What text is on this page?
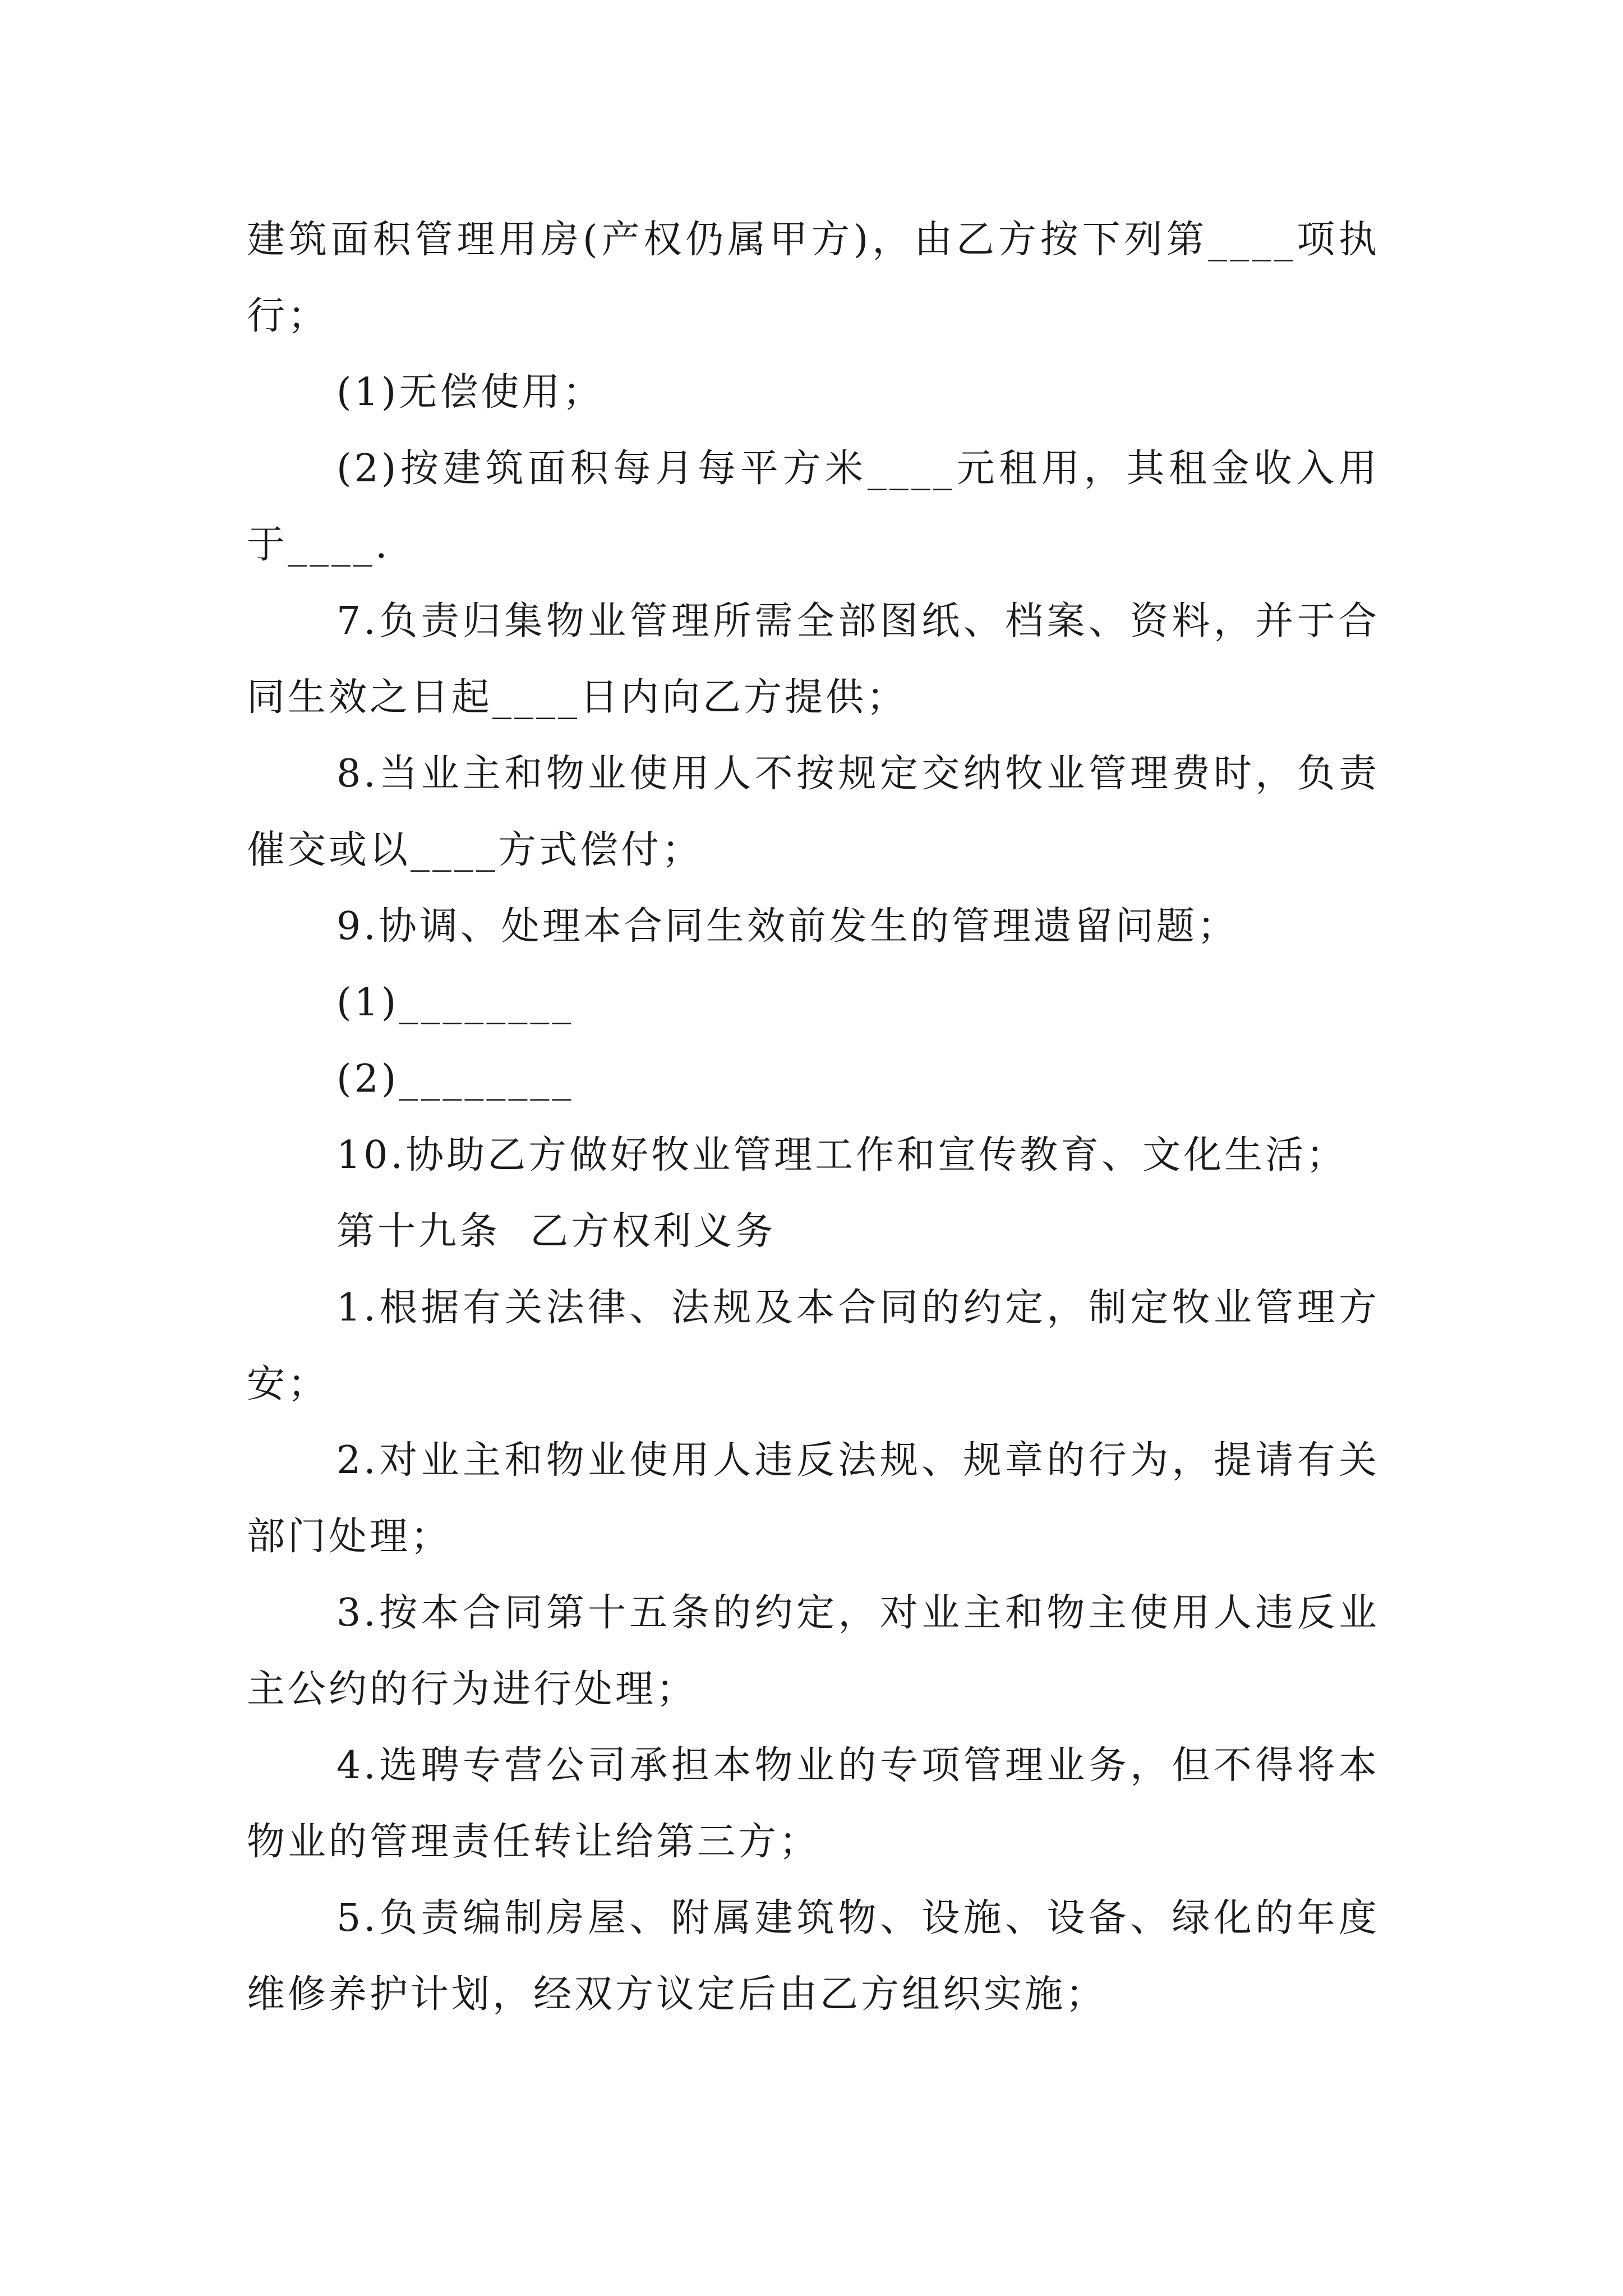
建筑面积管理用房(产权仍属甲方)，由乙方按下列第____项执行；

(1)无偿使用；

(2)按建筑面积每月每平方米____元租用，其租金收入用于____.

7.负责归集物业管理所需全部图纸、档案、资料，并于合同生效之日起____日内向乙方提供；

8.当业主和物业使用人不按规定交纳牧业管理费时，负责催交或以____方式偿付；

9.协调、处理本合同生效前发生的管理遗留问题；

(1)________

(2)________

10.协助乙方做好牧业管理工作和宣传教育、文化生活；

第十九条  乙方权利义务

1.根据有关法律、法规及本合同的约定，制定牧业管理方安；

2.对业主和物业使用人违反法规、规章的行为，提请有关部门处理；

3.按本合同第十五条的约定，对业主和物主使用人违反业主公约的行为进行处理；

4.选聘专营公司承担本物业的专项管理业务，但不得将本物业的管理责任转让给第三方；

5.负责编制房屋、附属建筑物、设施、设备、绿化的年度维修养护计划，经双方议定后由乙方组织实施；
